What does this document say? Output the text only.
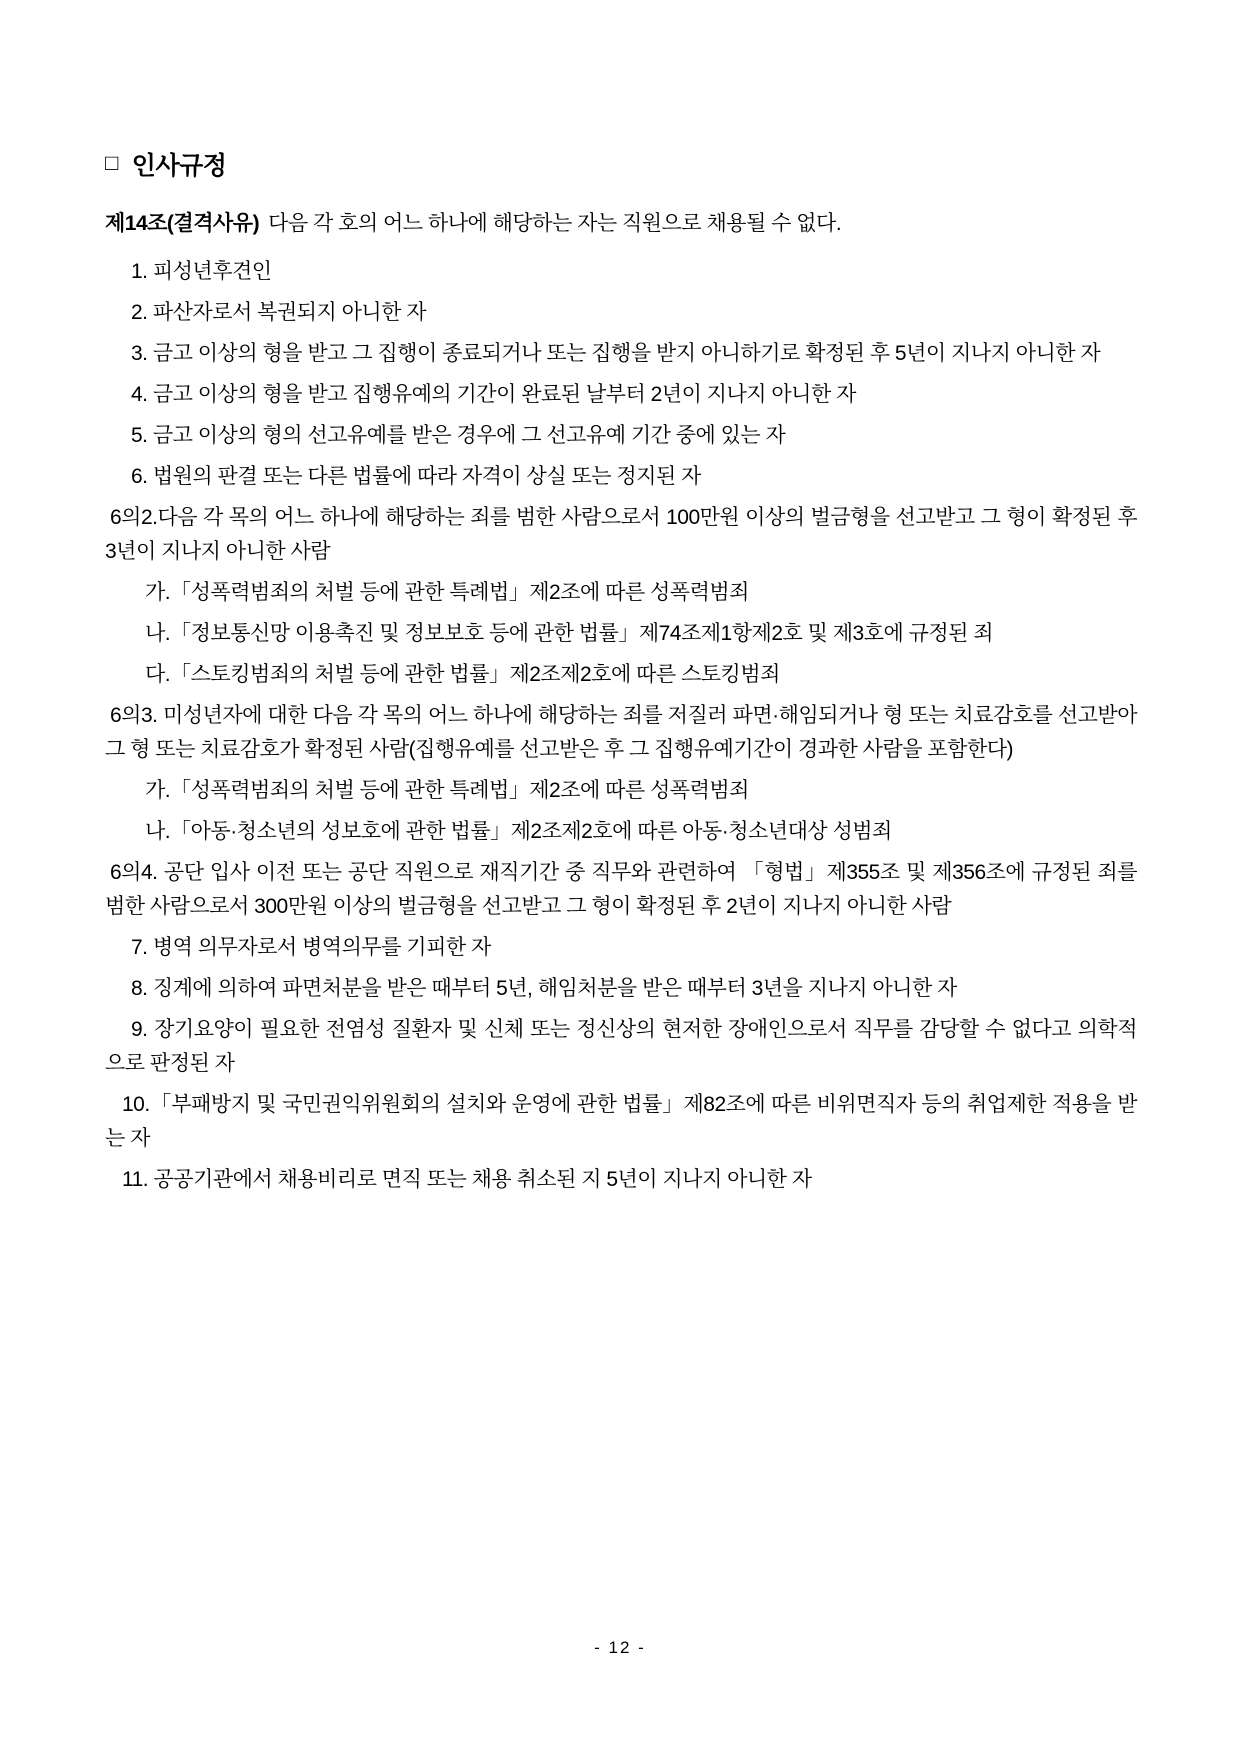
□ 인사규정

제14조(결격사유) 다음 각 호의 어느 하나에 해당하는 자는 직원으로 채용될 수 없다.

1. 피성년후견인

2. 파산자로서 복권되지 아니한 자

3. 금고 이상의 형을 받고 그 집행이 종료되거나 또는 집행을 받지 아니하기로 확정된 후 5년이 지나지 아니한 자

4. 금고 이상의 형을 받고 집행유예의 기간이 완료된 날부터 2년이 지나지 아니한 자

5. 금고 이상의 형의 선고유예를 받은 경우에 그 선고유예 기간 중에 있는 자

6. 법원의 판결 또는 다른 법률에 따라 자격이 상실 또는 정지된 자

6의2.다음 각 목의 어느 하나에 해당하는 죄를 범한 사람으로서 100만원 이상의 벌금형을 선고받고 그 형이 확정된 후 3년이 지나지 아니한 사람

가.「성폭력범죄의 처벌 등에 관한 특례법」제2조에 따른 성폭력범죄

나.「정보통신망 이용촉진 및 정보보호 등에 관한 법률」제74조제1항제2호 및 제3호에 규정된 죄

다.「스토킹범죄의 처벌 등에 관한 법률」제2조제2호에 따른 스토킹범죄

6의3. 미성년자에 대한 다음 각 목의 어느 하나에 해당하는 죄를 저질러 파면·해임되거나 형 또는 치료감호를 선고받아 그 형 또는 치료감호가 확정된 사람(집행유예를 선고받은 후 그 집행유예기간이 경과한 사람을 포함한다)

가.「성폭력범죄의 처벌 등에 관한 특례법」제2조에 따른 성폭력범죄

나.「아동·청소년의 성보호에 관한 법률」제2조제2호에 따른 아동·청소년대상 성범죄

6의4. 공단 입사 이전 또는 공단 직원으로 재직기간 중 직무와 관련하여 「형법」제355조 및 제356조에 규정된 죄를 범한 사람으로서 300만원 이상의 벌금형을 선고받고 그 형이 확정된 후 2년이 지나지 아니한 사람

7. 병역 의무자로서 병역의무를 기피한 자

8. 징계에 의하여 파면처분을 받은 때부터 5년, 해임처분을 받은 때부터 3년을 지나지 아니한 자

9. 장기요양이 필요한 전염성 질환자 및 신체 또는 정신상의 현저한 장애인으로서 직무를 감당할 수 없다고 의학적으로 판정된 자

10.「부패방지 및 국민권익위원회의 설치와 운영에 관한 법률」제82조에 따른 비위면직자 등의 취업제한 적용을 받는 자

11. 공공기관에서 채용비리로 면직 또는 채용 취소된 지 5년이 지나지 아니한 자

- 12 -
